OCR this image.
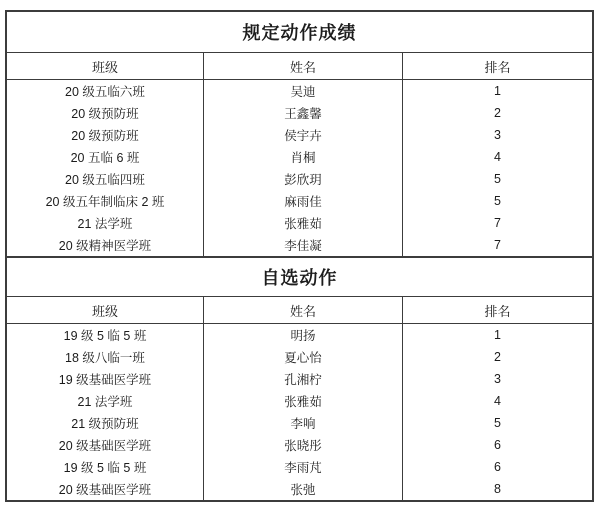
规定动作成绩
班级	姓名	排名
20 级五临六班	吴迪	1
20 级预防班	王鑫馨	2
20 级预防班	侯宇卉	3
20 五临 6 班	肖桐	4
20 级五临四班	彭欣玥	5
20 级五年制临床 2 班	麻雨佳	5
21 法学班	张雅茹	7
20 级精神医学班	李佳凝	7
自选动作
班级	姓名	排名
19 级 5 临 5 班	明扬	1
18 级八临一班	夏心怡	2
19 级基础医学班	孔湘柠	3
21 法学班	张雅茹	4
21 级预防班	李响	5
20 级基础医学班	张晓彤	6
19 级 5 临 5 班	李雨芃	6
20 级基础医学班	张弛	8
